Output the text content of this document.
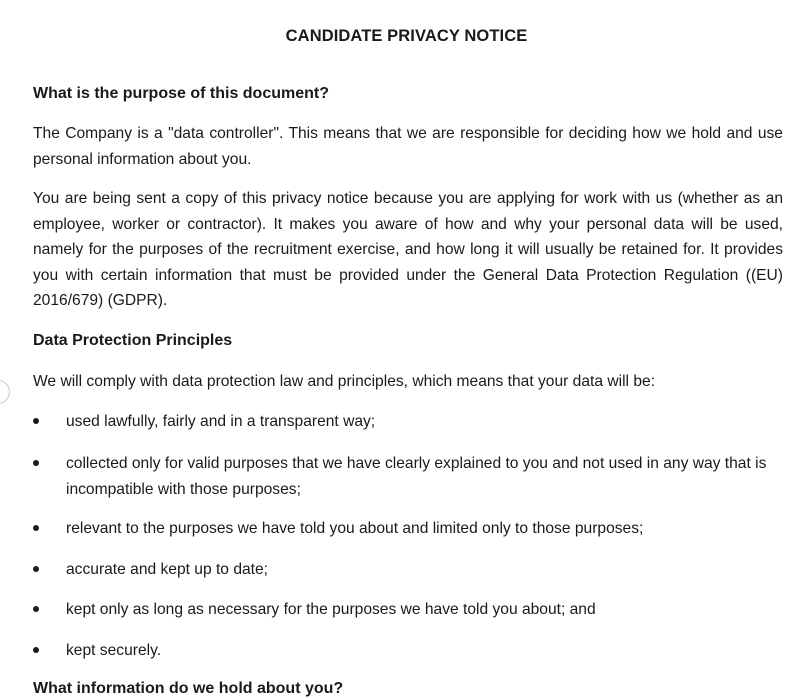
CANDIDATE PRIVACY NOTICE
What is the purpose of this document?

The Company is a "data controller". This means that we are responsible for deciding how we hold and use personal information about you.

You are being sent a copy of this privacy notice because you are applying for work with us (whether as an employee, worker or contractor). It makes you aware of how and why your personal data will be used, namely for the purposes of the recruitment exercise, and how long it will usually be retained for. It provides you with certain information that must be provided under the General Data Protection Regulation ((EU) 2016/679) (GDPR).

Data Protection Principles

We will comply with data protection law and principles, which means that your data will be:

used lawfully, fairly and in a transparent way;
collected only for valid purposes that we have clearly explained to you and not used in any way that is incompatible with those purposes;
relevant to the purposes we have told you about and limited only to those purposes;
accurate and kept up to date;
kept only as long as necessary for the purposes we have told you about; and
kept securely.
What information do we hold about you?
